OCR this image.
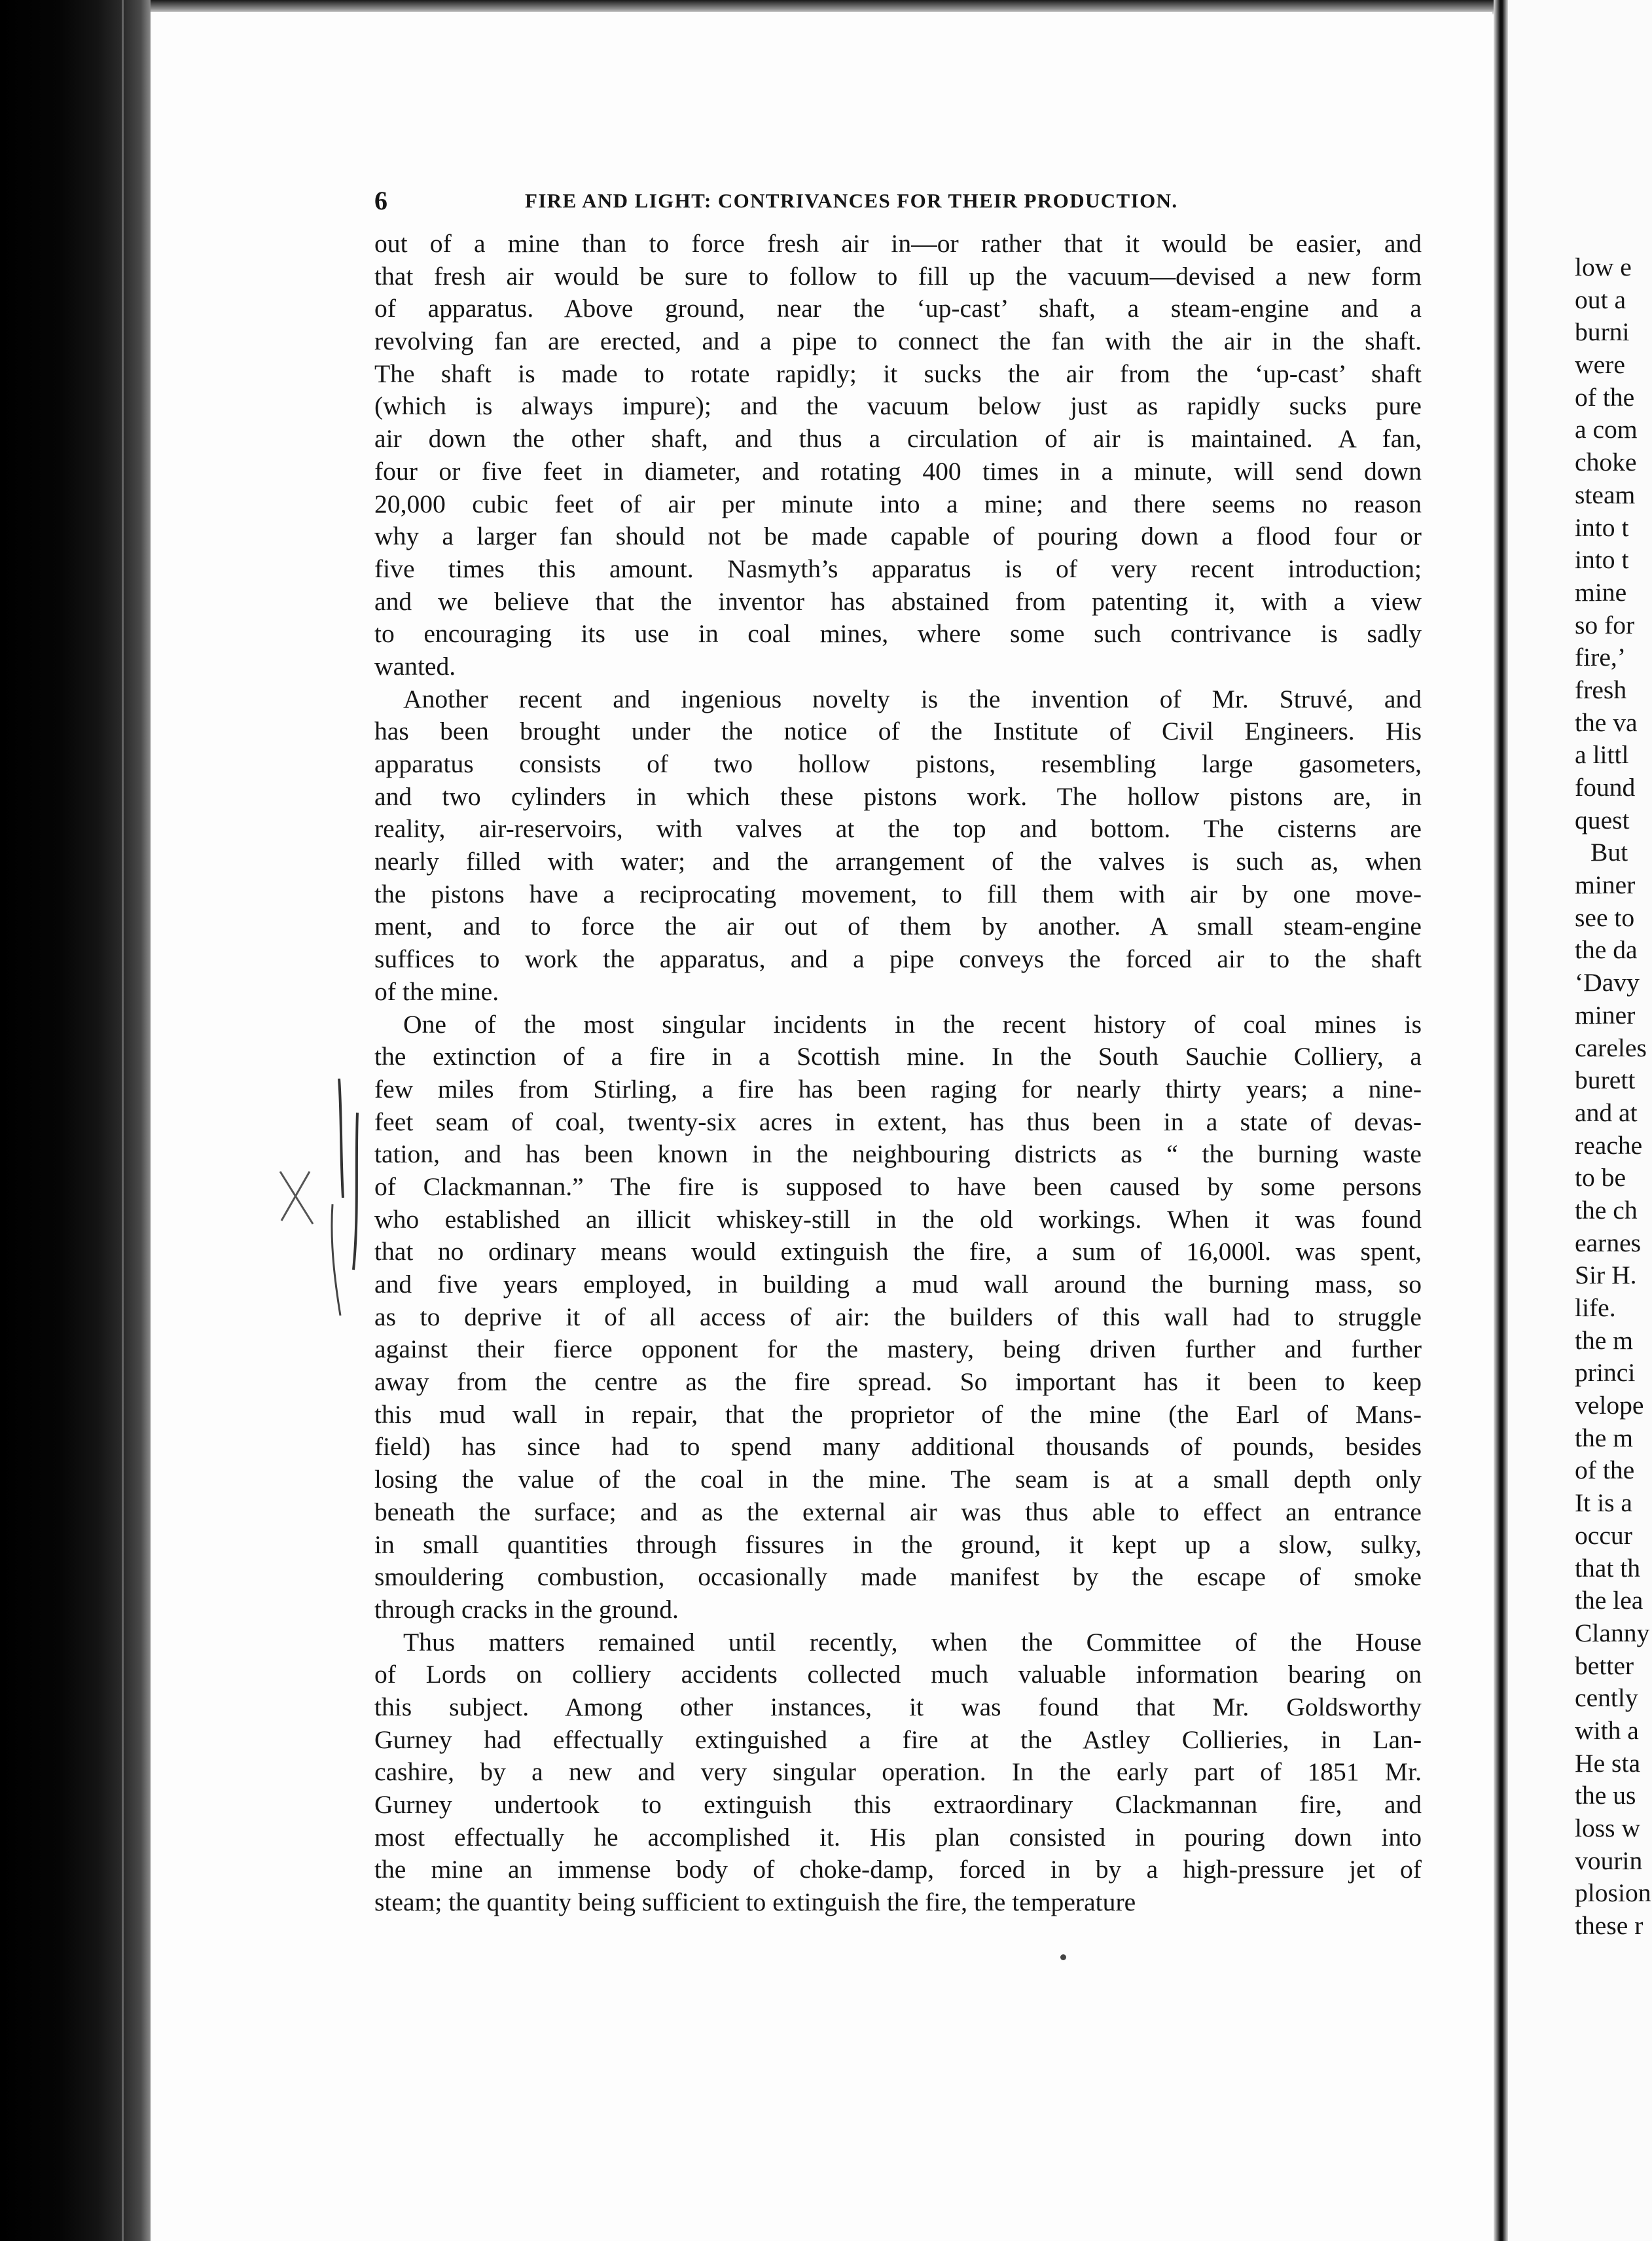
6	FIRE AND LIGHT: CONTRIVANCES FOR THEIR PRODUCTION.
out of a mine than to force fresh air in—or rather that it would be easier, and
that fresh air would be sure to follow to fill up the vacuum—devised a new form
of apparatus. Above ground, near the ‘up-cast’ shaft, a steam-engine and a
revolving fan are erected, and a pipe to connect the fan with the air in the shaft.
The shaft is made to rotate rapidly; it sucks the air from the ‘up-cast’ shaft
(which is always impure); and the vacuum below just as rapidly sucks pure
air down the other shaft, and thus a circulation of air is maintained. A fan,
four or five feet in diameter, and rotating 400 times in a minute, will send down
20,000 cubic feet of air per minute into a mine; and there seems no reason
why a larger fan should not be made capable of pouring down a flood four or
five times this amount. Nasmyth’s apparatus is of very recent introduction;
and we believe that the inventor has abstained from patenting it, with a view
to encouraging its use in coal mines, where some such contrivance is sadly
wanted.
Another recent and ingenious novelty is the invention of Mr. Struvé, and
has been brought under the notice of the Institute of Civil Engineers. His
apparatus consists of two hollow pistons, resembling large gasometers,
and two cylinders in which these pistons work. The hollow pistons are, in
reality, air-reservoirs, with valves at the top and bottom. The cisterns are
nearly filled with water; and the arrangement of the valves is such as, when
the pistons have a reciprocating movement, to fill them with air by one move-
ment, and to force the air out of them by another. A small steam-engine
suffices to work the apparatus, and a pipe conveys the forced air to the shaft
of the mine.
One of the most singular incidents in the recent history of coal mines is
the extinction of a fire in a Scottish mine. In the South Sauchie Colliery, a
few miles from Stirling, a fire has been raging for nearly thirty years; a nine-
feet seam of coal, twenty-six acres in extent, has thus been in a state of devas-
tation, and has been known in the neighbouring districts as “ the burning waste
of Clackmannan.” The fire is supposed to have been caused by some persons
who established an illicit whiskey-still in the old workings. When it was found
that no ordinary means would extinguish the fire, a sum of 16,000l. was spent,
and five years employed, in building a mud wall around the burning mass, so
as to deprive it of all access of air: the builders of this wall had to struggle
against their fierce opponent for the mastery, being driven further and further
away from the centre as the fire spread. So important has it been to keep
this mud wall in repair, that the proprietor of the mine (the Earl of Mans-
field) has since had to spend many additional thousands of pounds, besides
losing the value of the coal in the mine. The seam is at a small depth only
beneath the surface; and as the external air was thus able to effect an entrance
in small quantities through fissures in the ground, it kept up a slow, sulky,
smouldering combustion, occasionally made manifest by the escape of smoke
through cracks in the ground.
Thus matters remained until recently, when the Committee of the House
of Lords on colliery accidents collected much valuable information bearing on
this subject. Among other instances, it was found that Mr. Goldsworthy
Gurney had effectually extinguished a fire at the Astley Collieries, in Lan-
cashire, by a new and very singular operation. In the early part of 1851 Mr.
Gurney undertook to extinguish this extraordinary Clackmannan fire, and
most effectually he accomplished it. His plan consisted in pouring down into
the mine an immense body of choke-damp, forced in by a high-pressure jet of
steam; the quantity being sufficient to extinguish the fire, the temperature
low e
out a
burni
were
of the
a com
choke
steam
into t
into t
mine
so for
fire,’
fresh
the va
a littl
found
quest
But
miner
see to
the da
‘Davy
miner
careles
burett
and at
reache
to be
the ch
earnes
Sir H.
life.
the m
princi
velope
the m
of the
It is a
occur
that th
the lea
Clanny
better
cently
with a
He sta
the us
loss w
vourin
plosion
these r
